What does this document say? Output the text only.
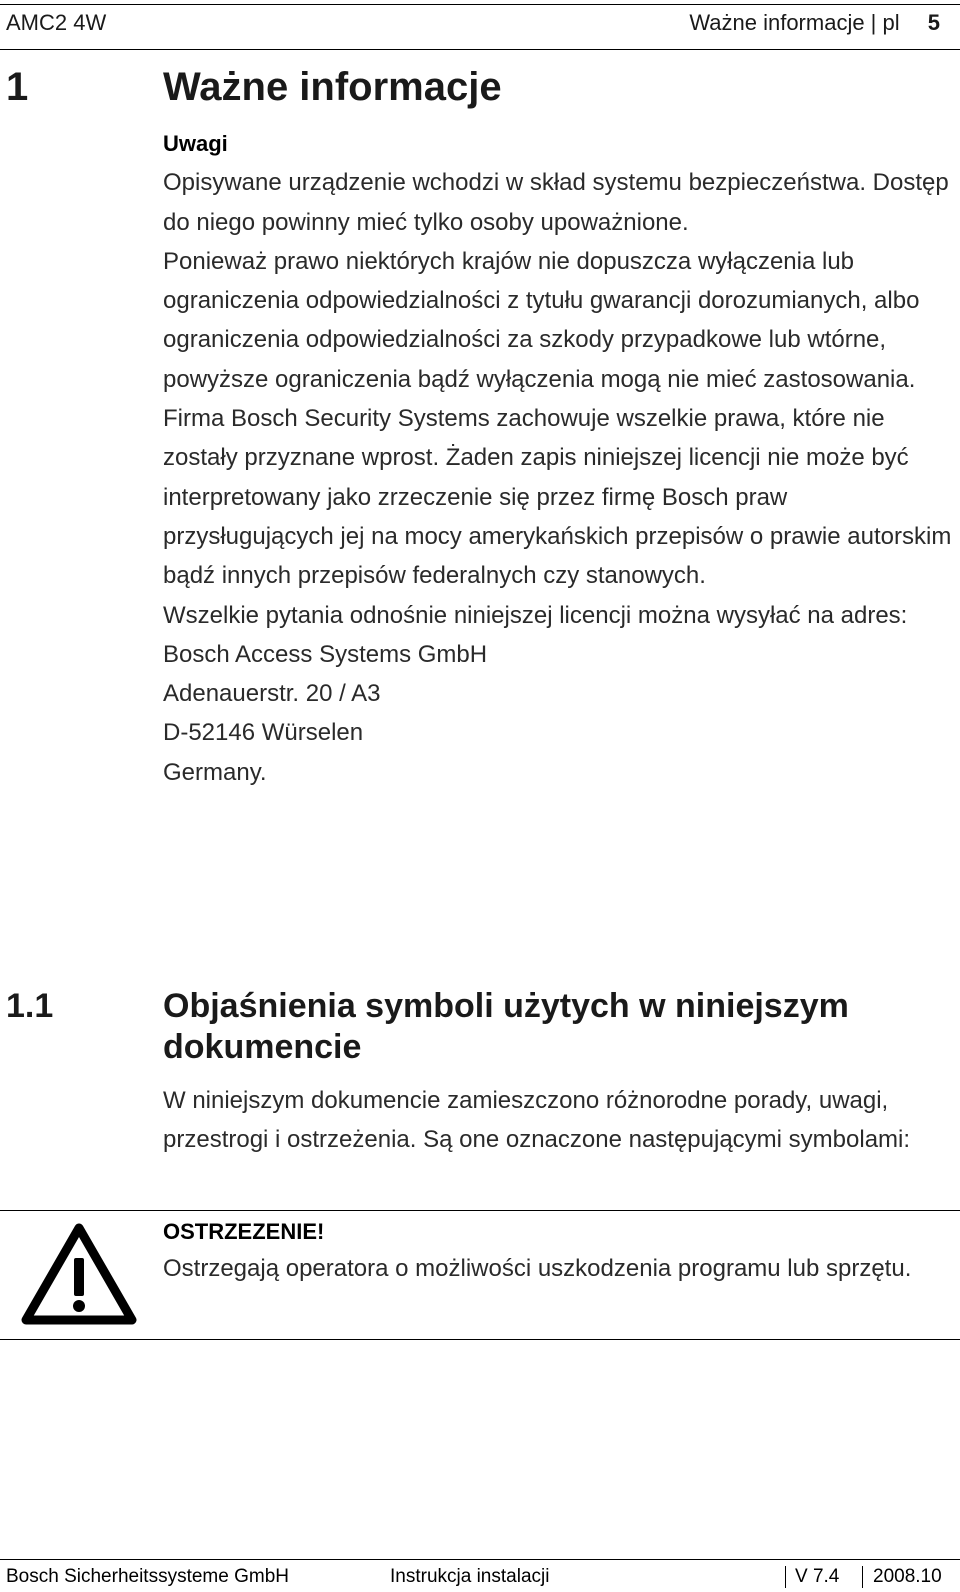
AMC2 4W	Ważne informacje | pl 5
1	Ważne informacje

Uwagi

Opisywane urządzenie wchodzi w skład systemu bezpieczeństwa. Dostęp do niego powinny mieć tylko osoby upoważnione.

Ponieważ prawo niektórych krajów nie dopuszcza wyłączenia lub ograniczenia odpowiedzialności z tytułu gwarancji dorozumianych, albo ograniczenia odpowiedzialności za szkody przypadkowe lub wtórne, powyższe ograniczenia bądź wyłączenia mogą nie mieć zastosowania.

Firma Bosch Security Systems zachowuje wszelkie prawa, które nie zostały przyznane wprost. Żaden zapis niniejszej licencji nie może być interpretowany jako zrzeczenie się przez firmę Bosch praw przysługujących jej na mocy amerykańskich przepisów o prawie autorskim bądź innych przepisów federalnych czy stanowych.

Wszelkie pytania odnośnie niniejszej licencji można wysyłać na adres:

Bosch Access Systems GmbH

Adenauerstr. 20 / A3

D-52146 Würselen

Germany.

1.1	Objaśnienia symboli użytych w niniejszym dokumencie

W niniejszym dokumencie zamieszczono różnorodne porady, uwagi, przestrogi i ostrzeżenia. Są one oznaczone następującymi symbolami:

OSTRZEZENIE!
Ostrzegają operatora o możliwości uszkodzenia programu lub sprzętu.
Bosch Sicherheitssysteme GmbH	Instrukcja instalacji	V 7.4 2008.10
